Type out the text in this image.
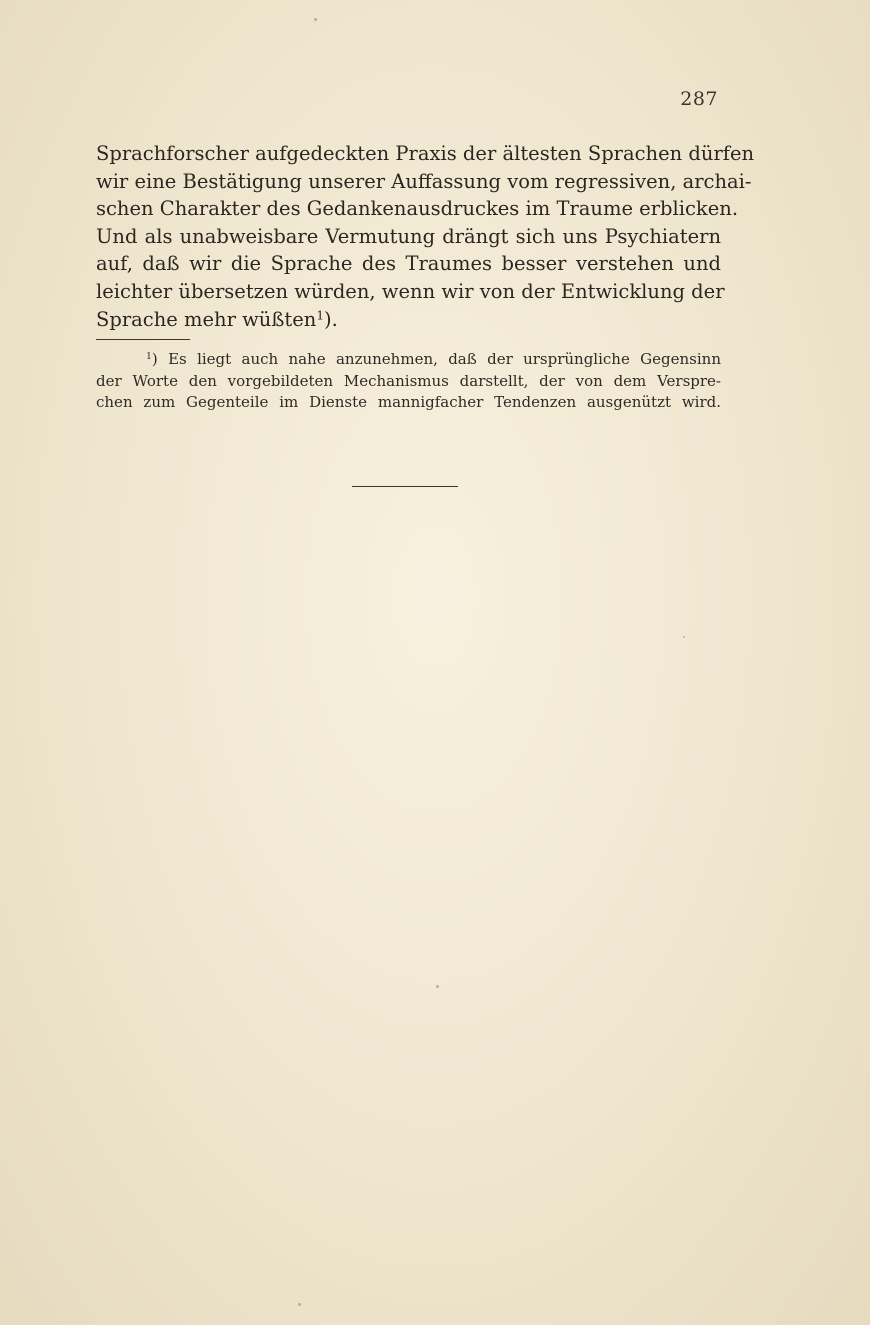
287
Sprachforscher aufgedeckten Praxis der ältesten Sprachen dürfen
wir eine Bestätigung unserer Auffassung vom regressiven, archai-
schen Charakter des Gedankenausdruckes im Traume erblicken.
Und als unabweisbare Vermutung drängt sich uns Psychiatern
auf, daß wir die Sprache des Traumes besser verstehen und
leichter übersetzen würden, wenn wir von der Entwicklung der
Sprache mehr wüßten$^1$).
$^1$) Es liegt auch nahe anzunehmen, daß der ursprüngliche Gegensinn
der Worte den vorgebildeten Mechanismus darstellt, der von dem Verspre-
chen zum Gegenteile im Dienste mannigfacher Tendenzen ausgenützt wird.
